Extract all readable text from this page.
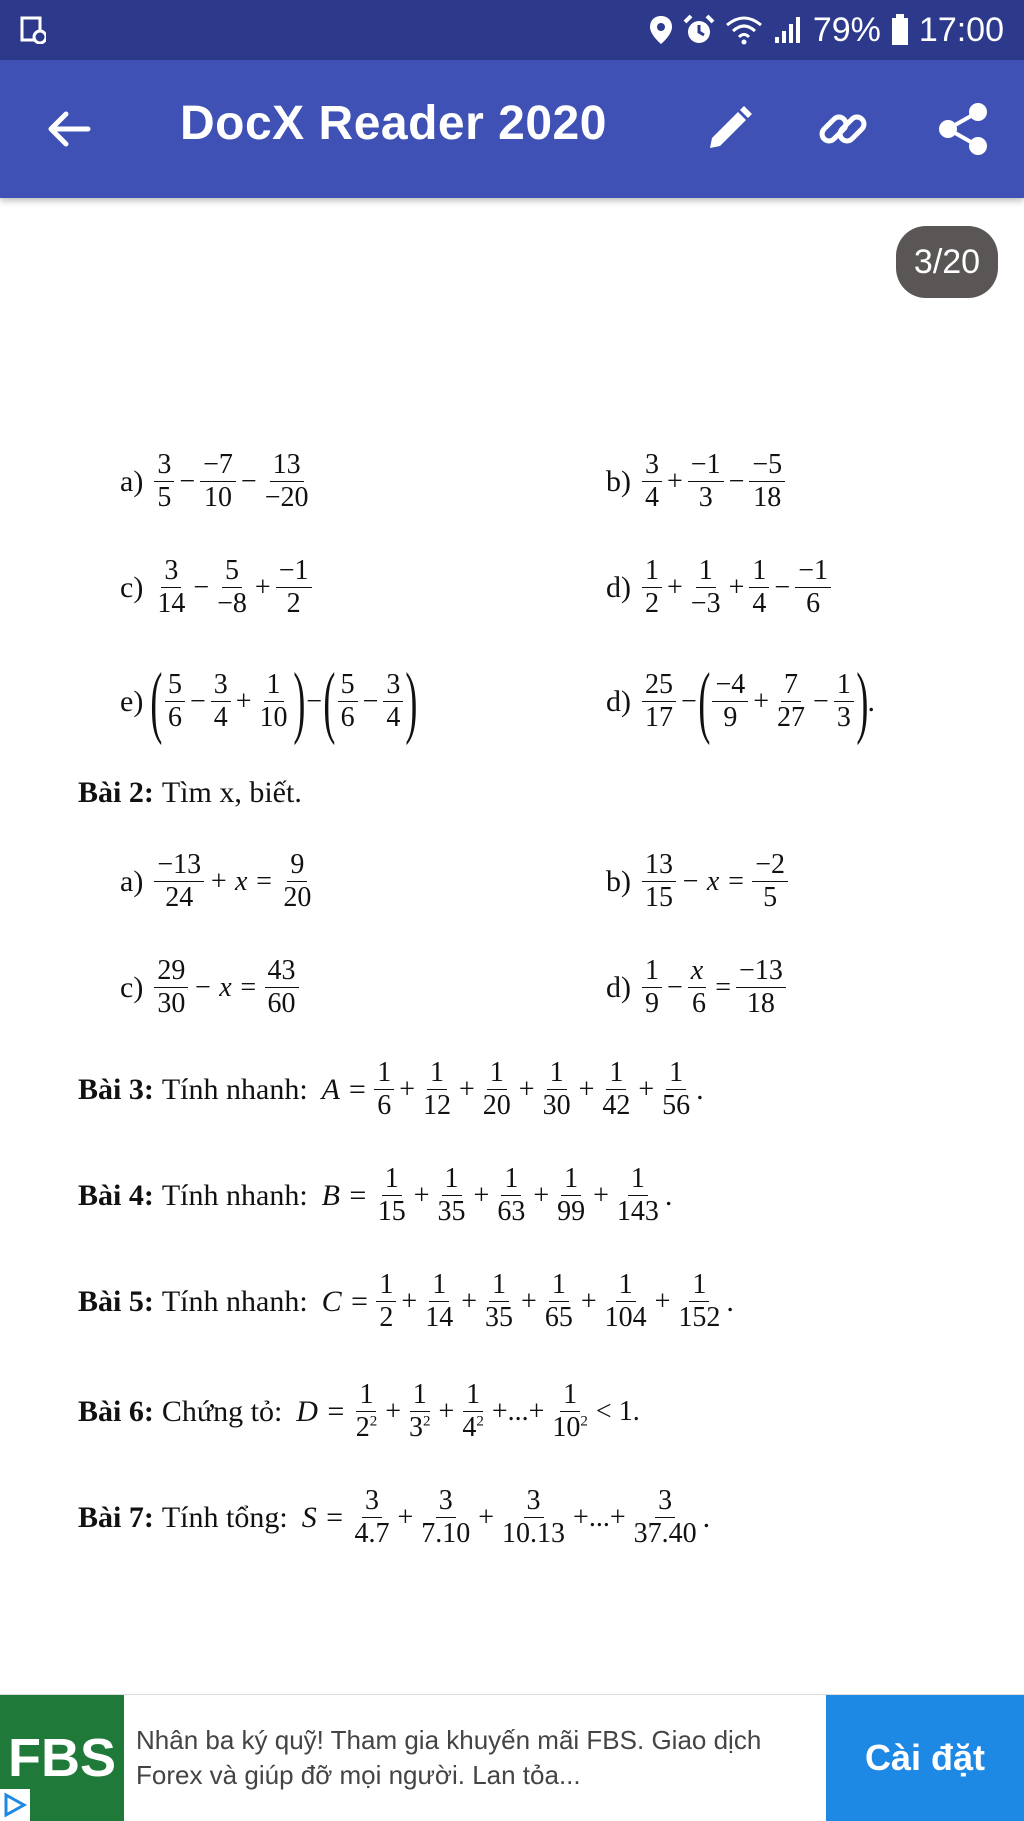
79% 17:00
DocX Reader 2020
3/20
$a) \frac{3}{5} - \frac{-7}{10} - \frac{13}{-20}$	$b) \frac{3}{4} + \frac{-1}{3} - \frac{-5}{18}$
$c) \frac{3}{14} - \frac{5}{-8} + \frac{-1}{2}$	$d) \frac{1}{2} + \frac{1}{-3} + \frac{1}{4} - \frac{-1}{6}$
e) ( $\frac{5}{6} - \frac{3}{4} + \frac{1}{10}$ ) − ( $\frac{5}{6} - \frac{3}{4}$ )	$d) \frac{25}{17}$ − ( $\frac{-4}{9} + \frac{7}{27} - \frac{1}{3}$ ) .
Bài 2: Tìm x, biết.
$a) \frac{-13}{24} + x = \frac{9}{20}$	$b) \frac{13}{15} - x = \frac{-2}{5}$
$c) \frac{29}{30} - x = \frac{43}{60}$	$d) \frac{1}{9} - \frac{x}{6} = \frac{-13}{18}$
Bài 3: Tính nhanh: $A = \frac{1}{6} + \frac{1}{12} + \frac{1}{20} + \frac{1}{30} + \frac{1}{42} + \frac{1}{56}$ .
Bài 4: Tính nhanh: $B = \frac{1}{15} + \frac{1}{35} + \frac{1}{63} + \frac{1}{99} + \frac{1}{143}$ .
Bài 5: Tính nhanh: $C = \frac{1}{2} + \frac{1}{14} + \frac{1}{35} + \frac{1}{65} + \frac{1}{104} + \frac{1}{152}$ .
Bài 6: Chứng tỏ: $D = \frac{1}{2^2} + \frac{1}{3^2} + \frac{1}{4^2}$ +...+ $\frac{1}{10^2} < 1$.
Bài 7: Tính tổng: $S = \frac{3}{4.7} + \frac{3}{7.10} + \frac{3}{10.13}$ +...+ $\frac{3}{37.40}$ .
FBS Nhân ba ký quỹ! Tham gia khuyến mãi FBS. Giao dịch Forex và giúp đỡ mọi người. Lan tỏa...	Cài đặt
